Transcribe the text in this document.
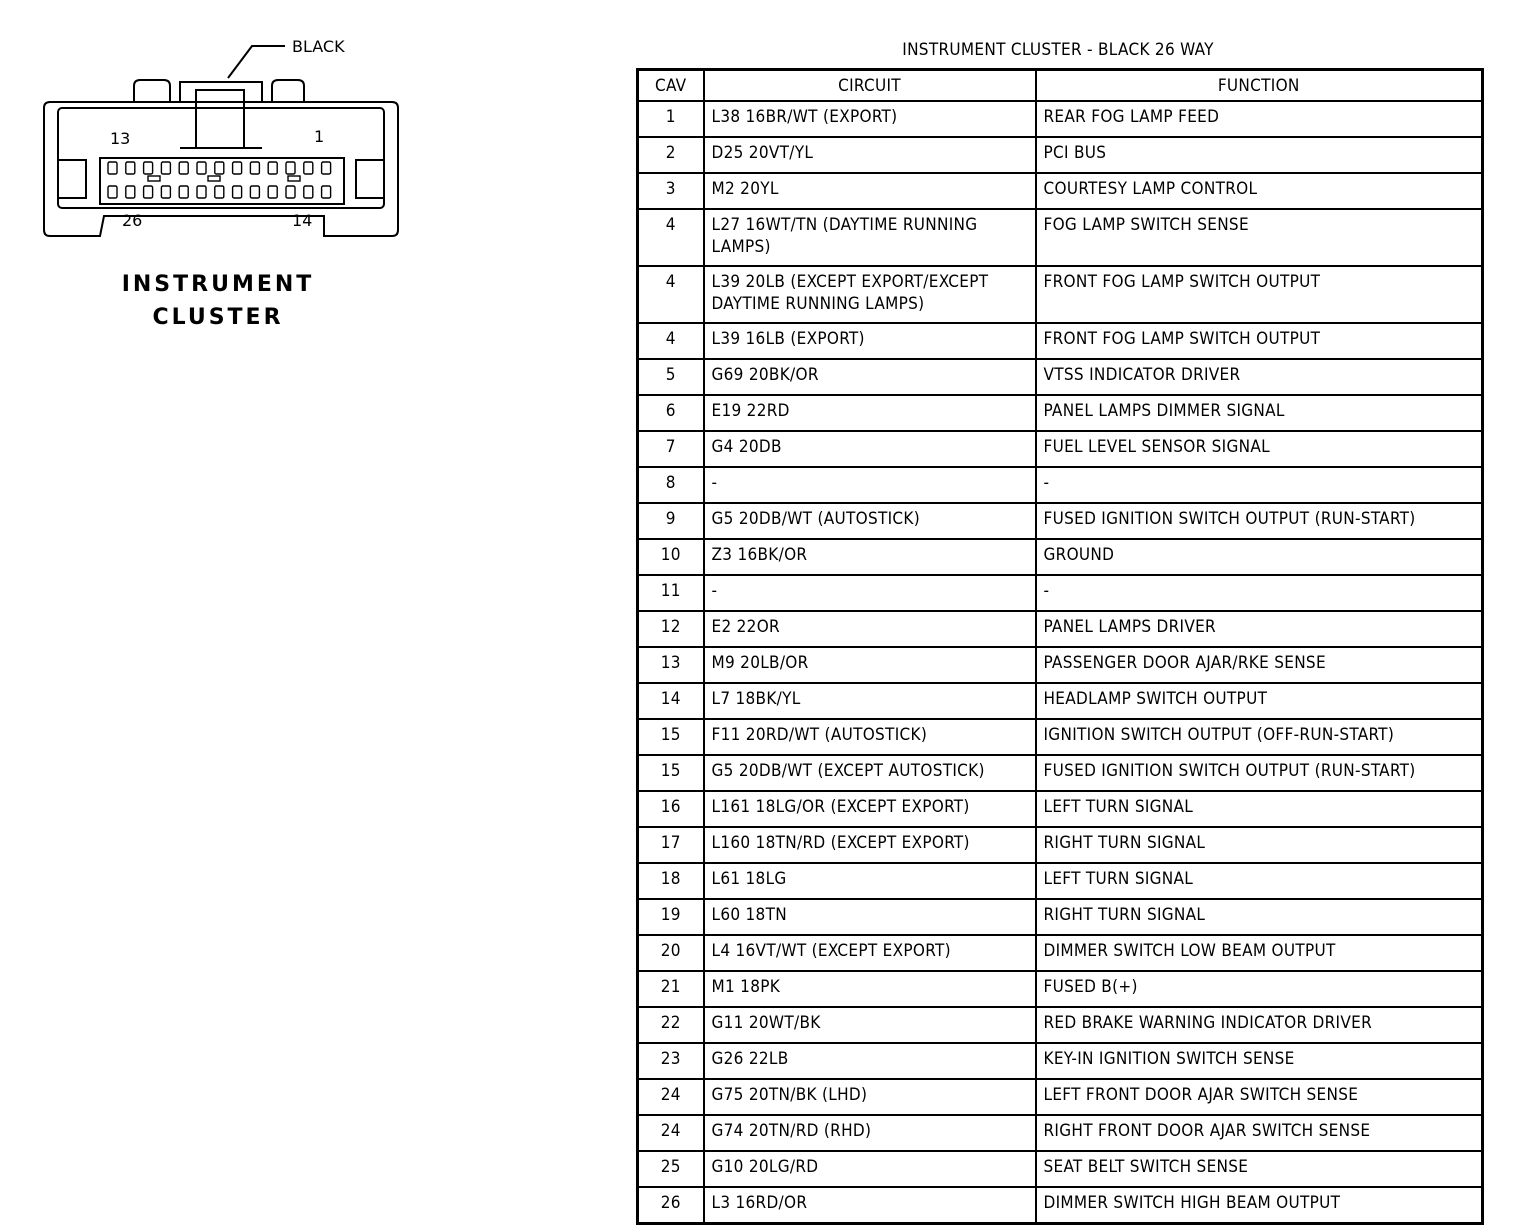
BLACK
13	1
26	14
INSTRUMENT
CLUSTER
INSTRUMENT CLUSTER - BLACK 26 WAY
CAV	CIRCUIT	FUNCTION
1	L38 16BR/WT (EXPORT)	REAR FOG LAMP FEED
2	D25 20VT/YL	PCI BUS
3	M2 20YL	COURTESY LAMP CONTROL
4	L27 16WT/TN (DAYTIME RUNNING LAMPS)	FOG LAMP SWITCH SENSE
4	L39 20LB (EXCEPT EXPORT/EXCEPT DAYTIME RUNNING LAMPS)	FRONT FOG LAMP SWITCH OUTPUT
4	L39 16LB (EXPORT)	FRONT FOG LAMP SWITCH OUTPUT
5	G69 20BK/OR	VTSS INDICATOR DRIVER
6	E19 22RD	PANEL LAMPS DIMMER SIGNAL
7	G4 20DB	FUEL LEVEL SENSOR SIGNAL
8	-	-
9	G5 20DB/WT (AUTOSTICK)	FUSED IGNITION SWITCH OUTPUT (RUN-START)
10	Z3 16BK/OR	GROUND
11	-	-
12	E2 22OR	PANEL LAMPS DRIVER
13	M9 20LB/OR	PASSENGER DOOR AJAR/RKE SENSE
14	L7 18BK/YL	HEADLAMP SWITCH OUTPUT
15	F11 20RD/WT (AUTOSTICK)	IGNITION SWITCH OUTPUT (OFF-RUN-START)
15	G5 20DB/WT (EXCEPT AUTOSTICK)	FUSED IGNITION SWITCH OUTPUT (RUN-START)
16	L161 18LG/OR (EXCEPT EXPORT)	LEFT TURN SIGNAL
17	L160 18TN/RD (EXCEPT EXPORT)	RIGHT TURN SIGNAL
18	L61 18LG	LEFT TURN SIGNAL
19	L60 18TN	RIGHT TURN SIGNAL
20	L4 16VT/WT (EXCEPT EXPORT)	DIMMER SWITCH LOW BEAM OUTPUT
21	M1 18PK	FUSED B(+)
22	G11 20WT/BK	RED BRAKE WARNING INDICATOR DRIVER
23	G26 22LB	KEY-IN IGNITION SWITCH SENSE
24	G75 20TN/BK (LHD)	LEFT FRONT DOOR AJAR SWITCH SENSE
24	G74 20TN/RD (RHD)	RIGHT FRONT DOOR AJAR SWITCH SENSE
25	G10 20LG/RD	SEAT BELT SWITCH SENSE
26	L3 16RD/OR	DIMMER SWITCH HIGH BEAM OUTPUT
